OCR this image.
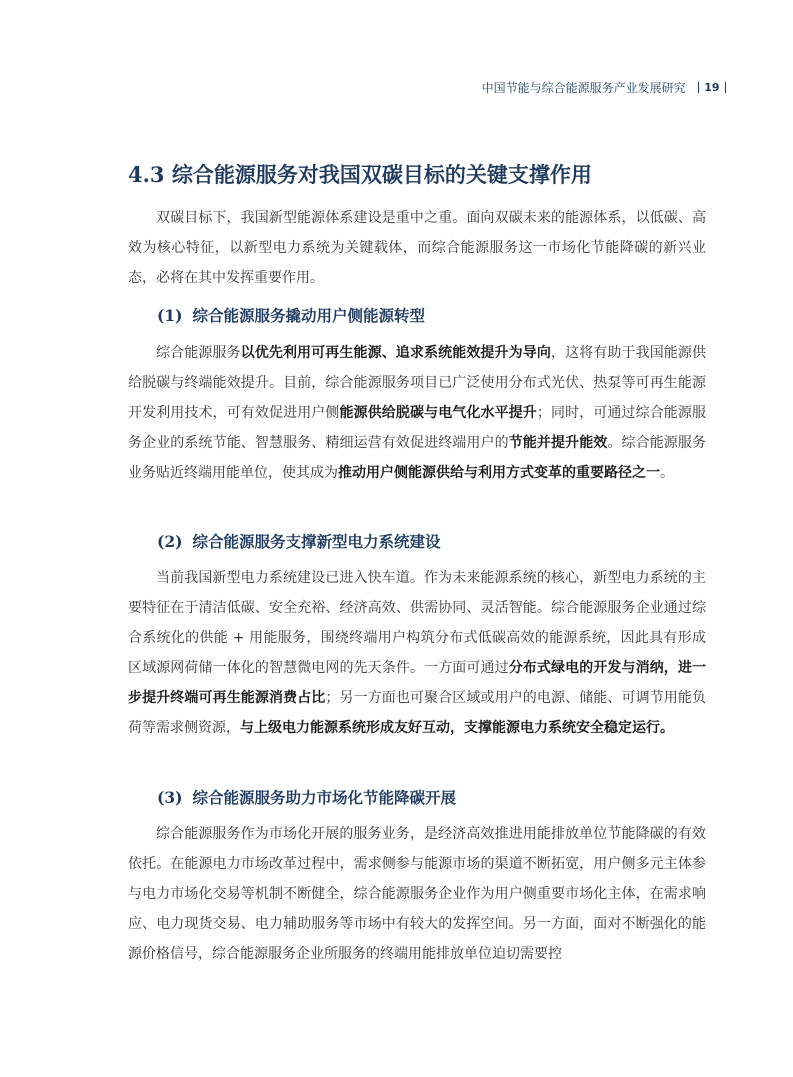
中国节能与综合能源服务产业发展研究 19
4.3 综合能源服务对我国双碳目标的关键支撑作用

双碳目标下，我国新型能源体系建设是重中之重。面向双碳未来的能源体系，以低碳、高效为核心特征，以新型电力系统为关键载体，而综合能源服务这一市场化节能降碳的新兴业态，必将在其中发挥重要作用。

(1) 综合能源服务撬动用户侧能源转型

综合能源服务以优先利用可再生能源、追求系统能效提升为导向，这将有助于我国能源供给脱碳与终端能效提升。目前，综合能源服务项目已广泛使用分布式光伏、热泵等可再生能源开发利用技术，可有效促进用户侧能源供给脱碳与电气化水平提升；同时，可通过综合能源服务企业的系统节能、智慧服务、精细运营有效促进终端用户的节能并提升能效。综合能源服务业务贴近终端用能单位，使其成为推动用户侧能源供给与利用方式变革的重要路径之一。

(2) 综合能源服务支撑新型电力系统建设

当前我国新型电力系统建设已进入快车道。作为未来能源系统的核心，新型电力系统的主要特征在于清洁低碳、安全充裕、经济高效、供需协同、灵活智能。综合能源服务企业通过综合系统化的供能 + 用能服务，围绕终端用户构筑分布式低碳高效的能源系统，因此具有形成区域源网荷储一体化的智慧微电网的先天条件。一方面可通过分布式绿电的开发与消纳，进一步提升终端可再生能源消费占比；另一方面也可聚合区域或用户的电源、储能、可调节用能负荷等需求侧资源，与上级电力能源系统形成友好互动，支撑能源电力系统安全稳定运行。

(3) 综合能源服务助力市场化节能降碳开展

综合能源服务作为市场化开展的服务业务，是经济高效推进用能排放单位节能降碳的有效依托。在能源电力市场改革过程中，需求侧参与能源市场的渠道不断拓宽，用户侧多元主体参与电力市场化交易等机制不断健全，综合能源服务企业作为用户侧重要市场化主体，在需求响应、电力现货交易、电力辅助服务等市场中有较大的发挥空间。另一方面，面对不断强化的能源价格信号，综合能源服务企业所服务的终端用能排放单位迫切需要控
